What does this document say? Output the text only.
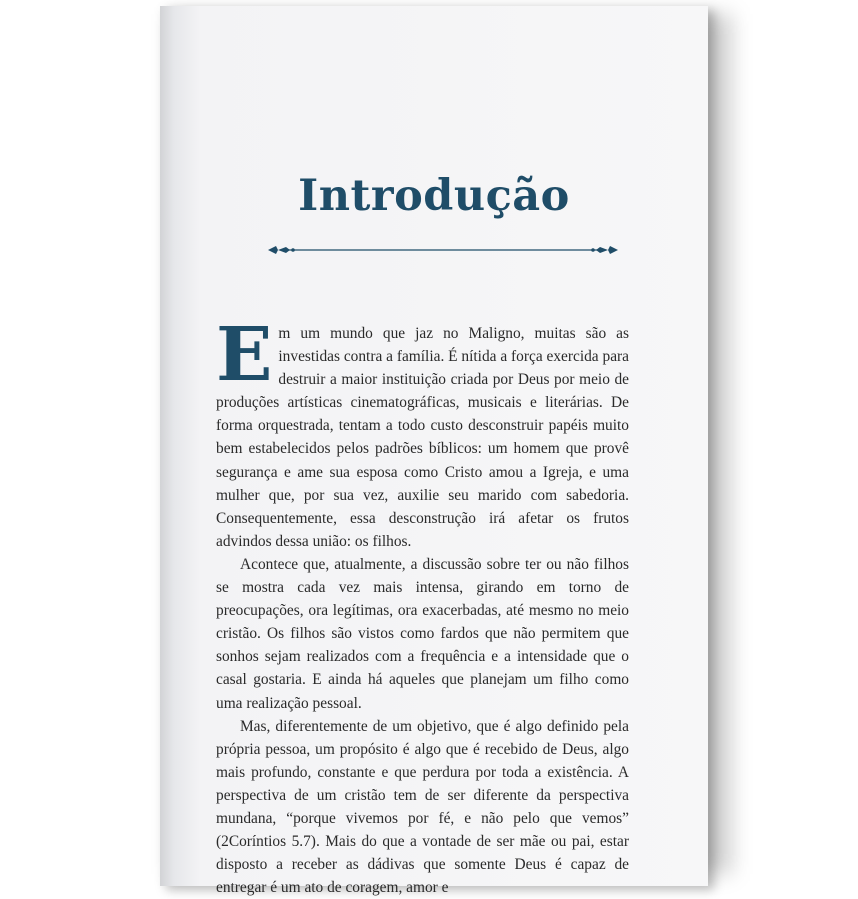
Introdução

Em um mundo que jaz no Maligno, muitas são as investidas contra a família. É nítida a força exercida para destruir a maior instituição criada por Deus por meio de produções artísticas cinematográficas, musicais e literárias. De forma orquestrada, tentam a todo custo desconstruir papéis muito bem estabelecidos pelos padrões bíblicos: um homem que provê segurança e ame sua esposa como Cristo amou a Igreja, e uma mulher que, por sua vez, auxilie seu marido com sabedoria. Consequentemente, essa desconstrução irá afetar os frutos advindos dessa união: os filhos.

Acontece que, atualmente, a discussão sobre ter ou não filhos se mostra cada vez mais intensa, girando em torno de preocupações, ora legítimas, ora exacerbadas, até mesmo no meio cristão. Os filhos são vistos como fardos que não permitem que sonhos sejam realizados com a frequência e a intensidade que o casal gostaria. E ainda há aqueles que planejam um filho como uma realização pessoal.

Mas, diferentemente de um objetivo, que é algo definido pela própria pessoa, um propósito é algo que é recebido de Deus, algo mais profundo, constante e que perdura por toda a existência. A perspectiva de um cristão tem de ser diferente da perspectiva mundana, “porque vivemos por fé, e não pelo que vemos” (2Coríntios 5.7). Mais do que a vontade de ser mãe ou pai, estar disposto a receber as dádivas que somente Deus é capaz de entregar é um ato de coragem, amor e
